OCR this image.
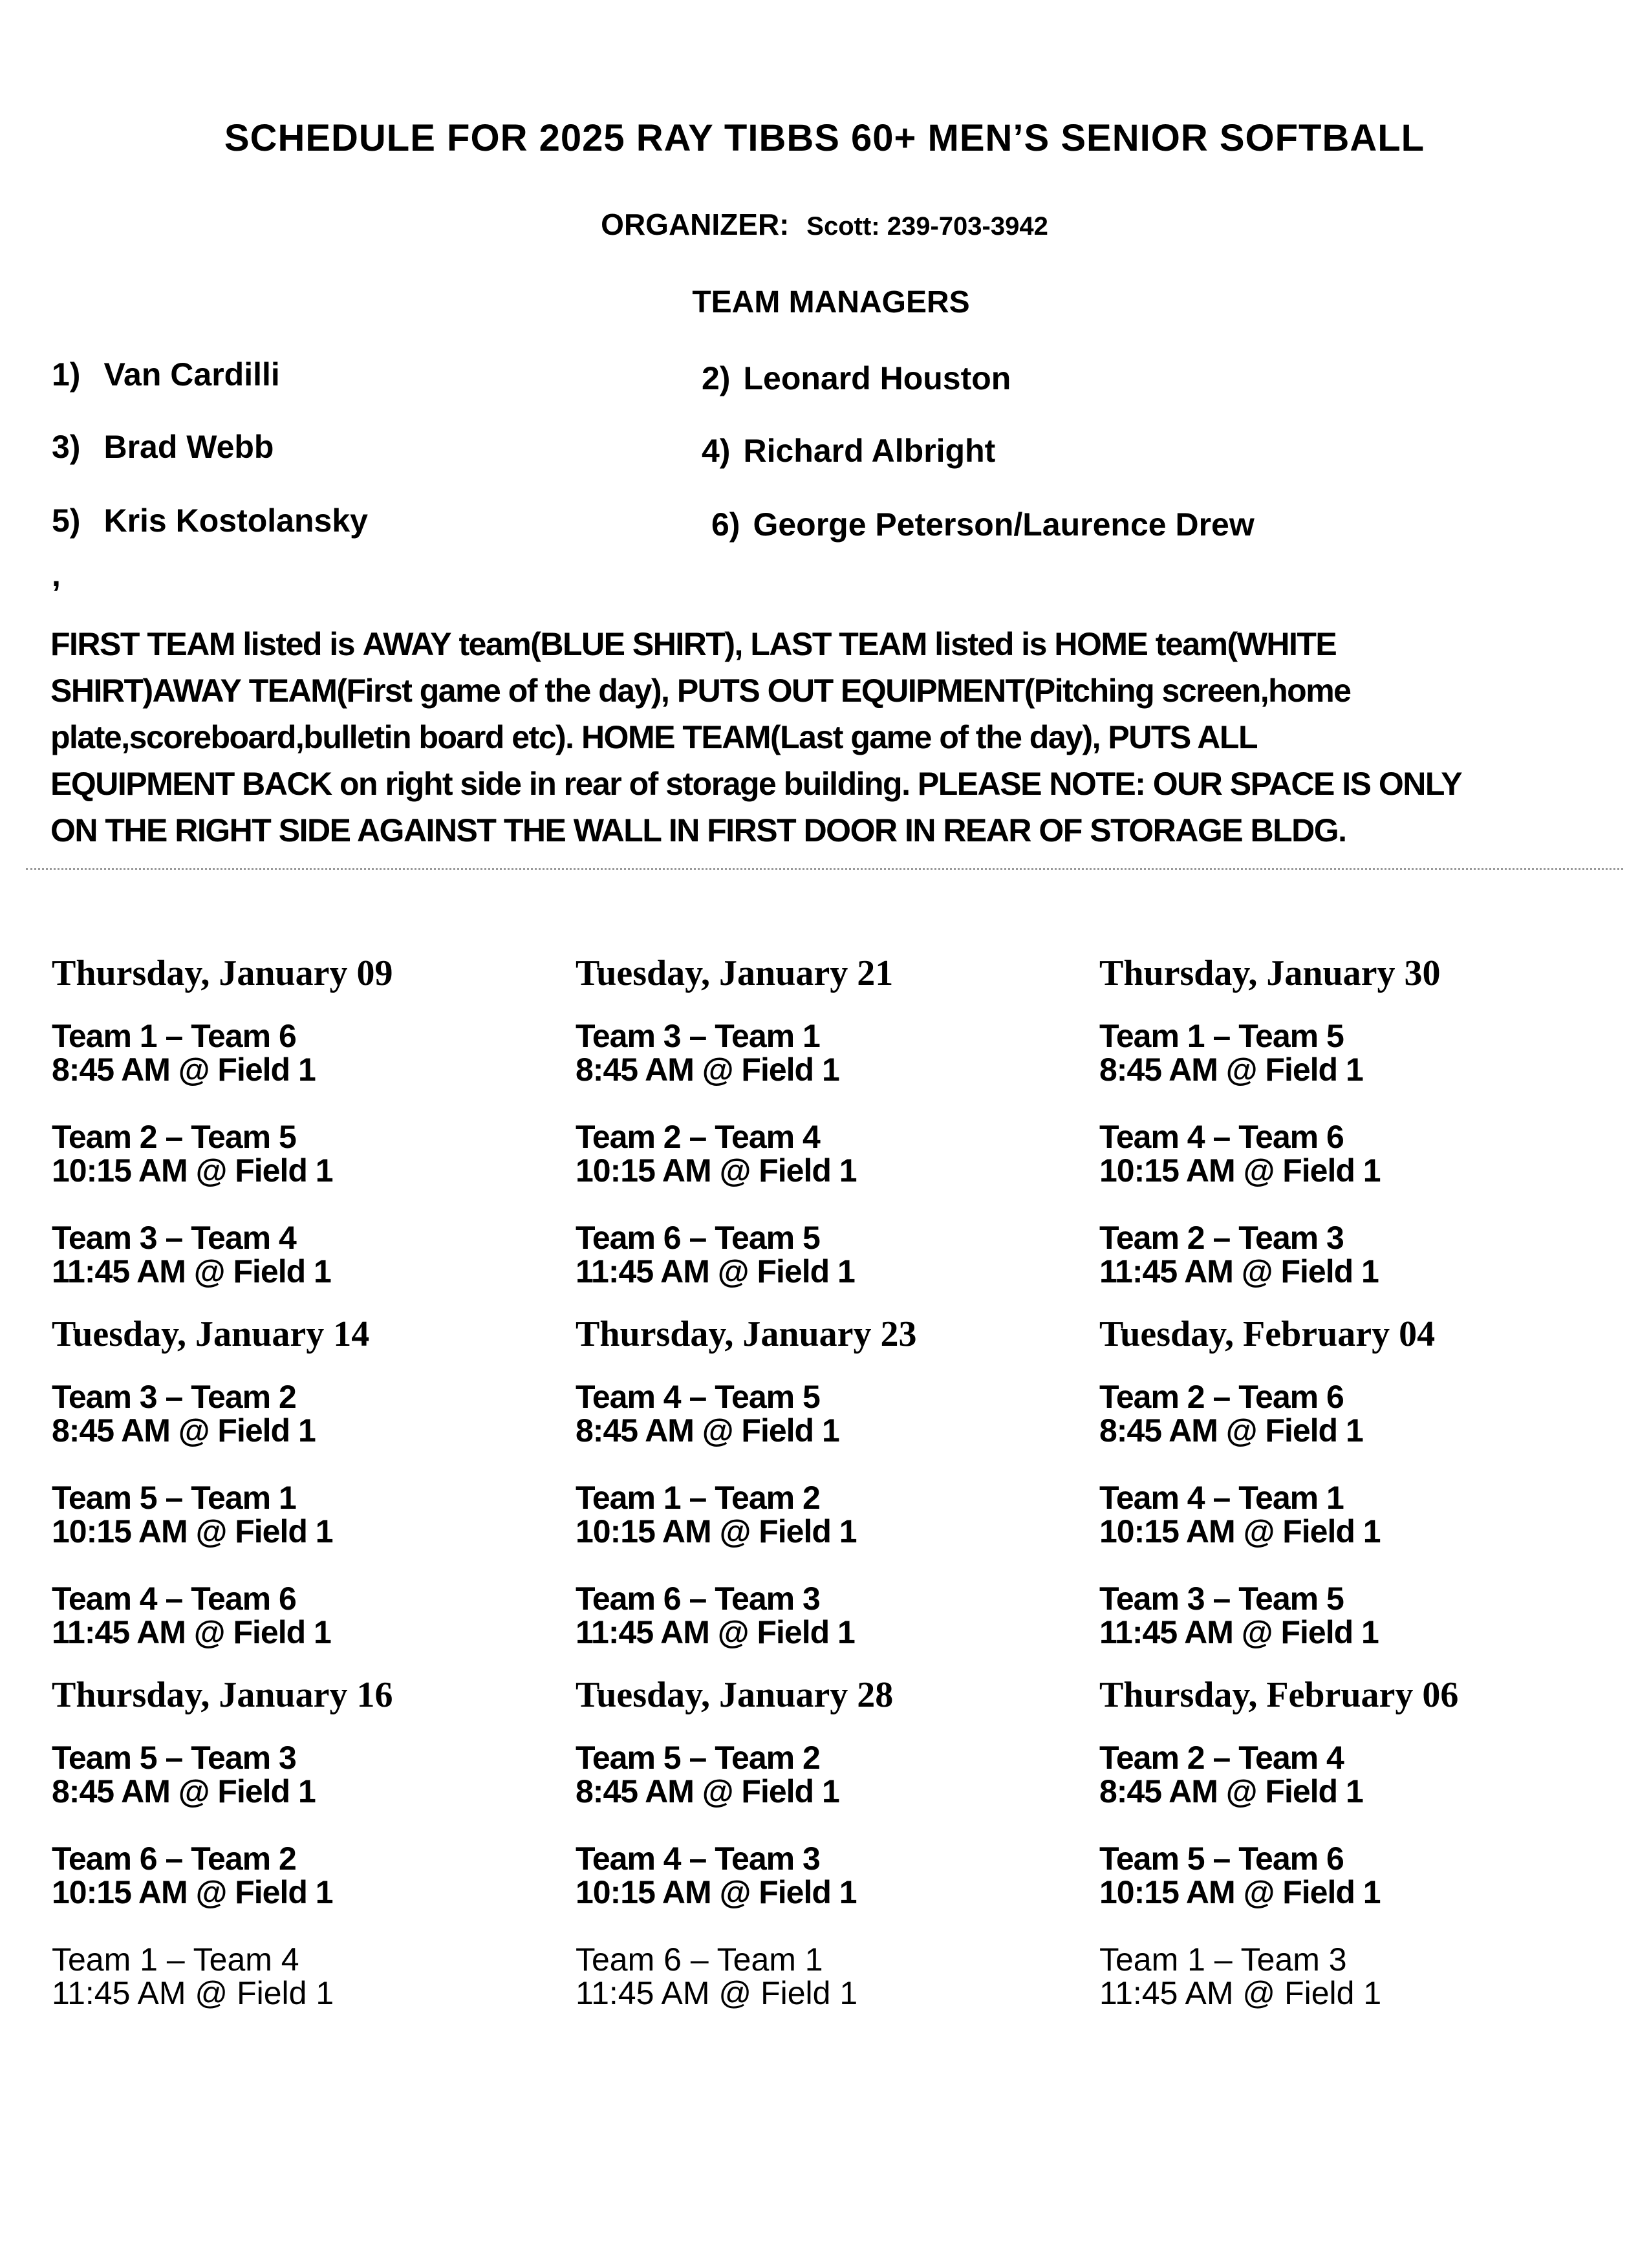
SCHEDULE FOR 2025 RAY TIBBS 60+ MEN’S SENIOR SOFTBALL
ORGANIZER: Scott: 239-703-3942
TEAM MANAGERS
1) Van Cardilli	2) Leonard Houston
3) Brad Webb	4) Richard Albright
5) Kris Kostolansky	6) George Peterson/Laurence Drew
,
FIRST TEAM listed is AWAY team(BLUE SHIRT), LAST TEAM listed is HOME team(WHITE
SHIRT)AWAY TEAM(First game of the day), PUTS OUT EQUIPMENT(Pitching screen,home
plate,scoreboard,bulletin board etc). HOME TEAM(Last game of the day), PUTS ALL
EQUIPMENT BACK on right side in rear of storage building. PLEASE NOTE: OUR SPACE IS ONLY
ON THE RIGHT SIDE AGAINST THE WALL IN FIRST DOOR IN REAR OF STORAGE BLDG.
Thursday, January 09
Team 1 – Team 6
8:45 AM @ Field 1
Team 2 – Team 5
10:15 AM @ Field 1
Team 3 – Team 4
11:45 AM @ Field 1
Tuesday, January 14
Team 3 – Team 2
8:45 AM @ Field 1
Team 5 – Team 1
10:15 AM @ Field 1
Team 4 – Team 6
11:45 AM @ Field 1
Thursday, January 16
Team 5 – Team 3
8:45 AM @ Field 1
Team 6 – Team 2
10:15 AM @ Field 1
Team 1 – Team 4
11:45 AM @ Field 1
Tuesday, January 21
Team 3 – Team 1
8:45 AM @ Field 1
Team 2 – Team 4
10:15 AM @ Field 1
Team 6 – Team 5
11:45 AM @ Field 1
Thursday, January 23
Team 4 – Team 5
8:45 AM @ Field 1
Team 1 – Team 2
10:15 AM @ Field 1
Team 6 – Team 3
11:45 AM @ Field 1
Tuesday, January 28
Team 5 – Team 2
8:45 AM @ Field 1
Team 4 – Team 3
10:15 AM @ Field 1
Team 6 – Team 1
11:45 AM @ Field 1
Thursday, January 30
Team 1 – Team 5
8:45 AM @ Field 1
Team 4 – Team 6
10:15 AM @ Field 1
Team 2 – Team 3
11:45 AM @ Field 1
Tuesday, February 04
Team 2 – Team 6
8:45 AM @ Field 1
Team 4 – Team 1
10:15 AM @ Field 1
Team 3 – Team 5
11:45 AM @ Field 1
Thursday, February 06
Team 2 – Team 4
8:45 AM @ Field 1
Team 5 – Team 6
10:15 AM @ Field 1
Team 1 – Team 3
11:45 AM @ Field 1
